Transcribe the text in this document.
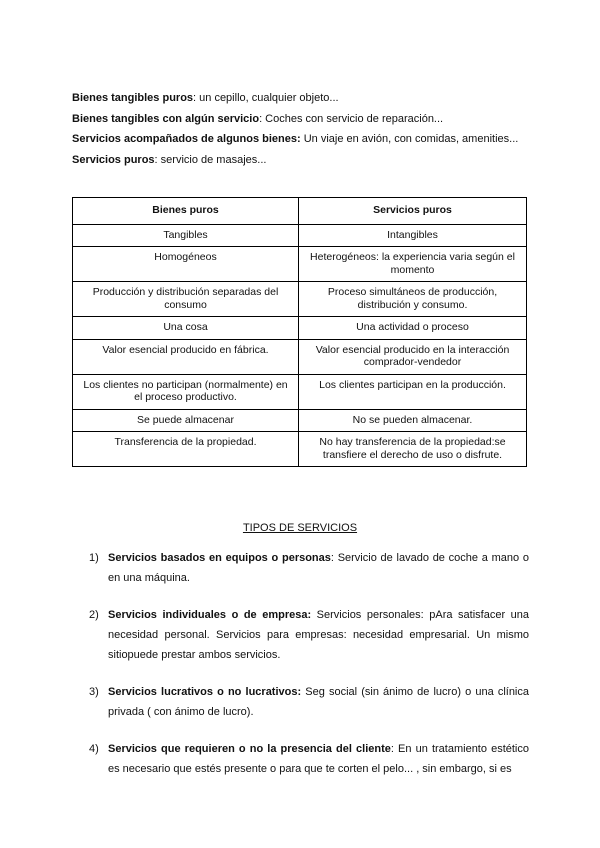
Bienes tangibles puros: un cepillo, cualquier objeto...

Bienes tangibles con algún servicio: Coches con servicio de reparación...

Servicios acompañados de algunos bienes: Un viaje en avión, con comidas, amenities...

Servicios puros: servicio de masajes...

Bienes puros	Servicios puros
Tangibles	Intangibles
Homogéneos	Heterogéneos: la experiencia varia según el momento
Producción y distribución separadas del consumo	Proceso simultáneos de producción, distribución y consumo.
Una cosa	Una actividad o proceso
Valor esencial producido en fábrica.	Valor esencial producido en la interacción comprador-vendedor
Los clientes no participan (normalmente) en el proceso productivo.	Los clientes participan en la producción.
Se puede almacenar	No se pueden almacenar.
Transferencia de la propiedad.	No hay transferencia de la propiedad:se transfiere el derecho de uso o disfrute.
TIPOS DE SERVICIOS
1) Servicios basados en equipos o personas: Servicio de lavado de coche a mano o en una máquina.
2) Servicios individuales o de empresa: Servicios personales: pAra satisfacer una necesidad personal. Servicios para empresas: necesidad empresarial. Un mismo sitiopuede prestar ambos servicios.
3) Servicios lucrativos o no lucrativos: Seg social (sin ánimo de lucro) o una clínica privada ( con ánimo de lucro).
4) Servicios que requieren o no la presencia del cliente: En un tratamiento estético es necesario que estés presente o para que te corten el pelo... , sin embargo, si es
